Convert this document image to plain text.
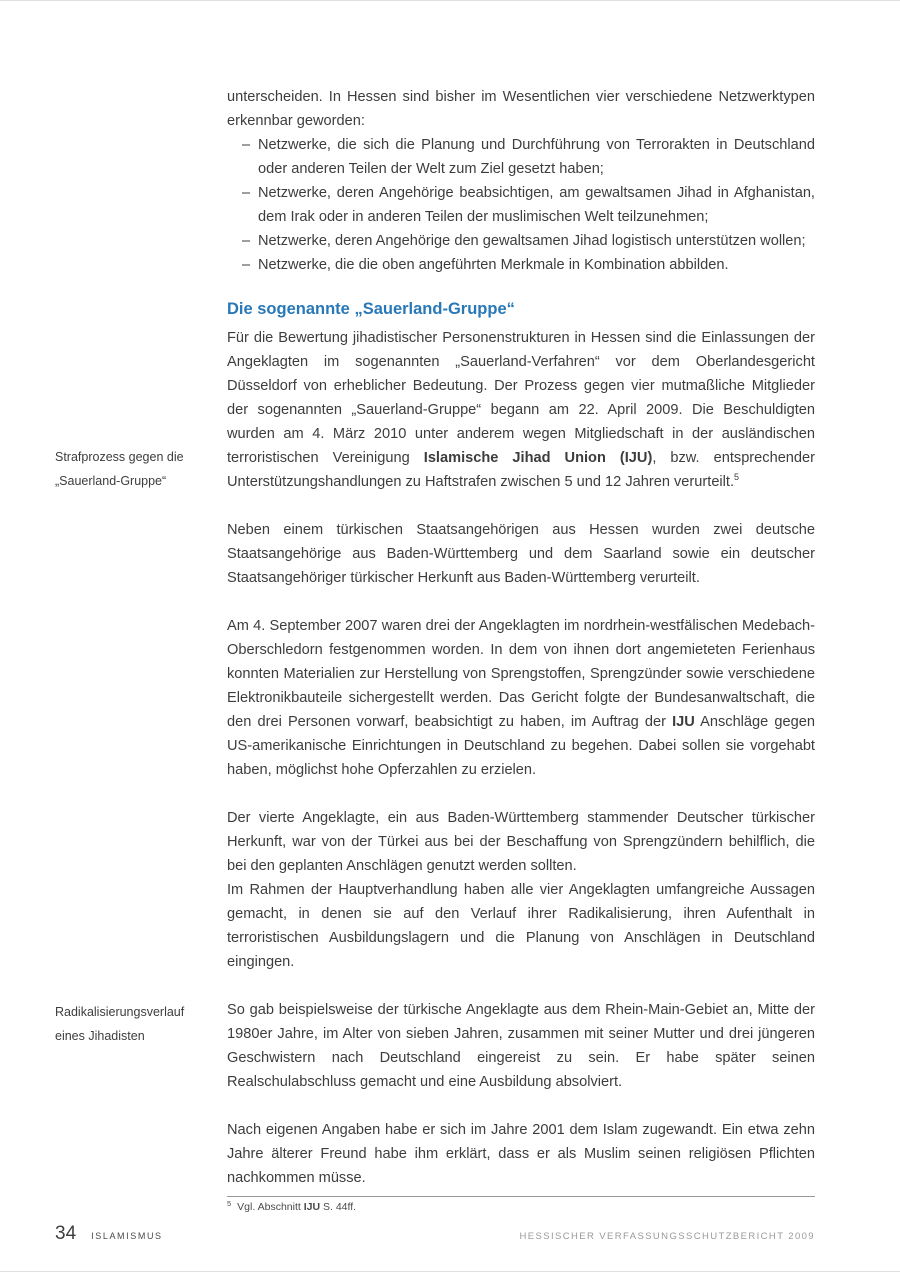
Strafprozess gegen die „Sauerland-Gruppe“
Radikalisierungsverlauf eines Jihadisten

unterscheiden. In Hessen sind bisher im Wesentlichen vier verschiedene Netzwerktypen erkennbar geworden:

– Netzwerke, die sich die Planung und Durchführung von Terrorakten in Deutschland oder anderen Teilen der Welt zum Ziel gesetzt haben;
– Netzwerke, deren Angehörige beabsichtigen, am gewaltsamen Jihad in Afghanistan, dem Irak oder in anderen Teilen der muslimischen Welt teilzunehmen;
– Netzwerke, deren Angehörige den gewaltsamen Jihad logistisch unterstützen wollen;
– Netzwerke, die die oben angeführten Merkmale in Kombination abbilden.
Die sogenannte „Sauerland-Gruppe“

Für die Bewertung jihadistischer Personenstrukturen in Hessen sind die Einlassungen der Angeklagten im sogenannten „Sauerland-Verfahren“ vor dem Oberlandesgericht Düsseldorf von erheblicher Bedeutung. Der Prozess gegen vier mutmaßliche Mitglieder der sogenannten „Sauerland-Gruppe“ begann am 22. April 2009. Die Beschuldigten wurden am 4. März 2010 unter anderem wegen Mitgliedschaft in der ausländischen terroristischen Vereinigung Islamische Jihad Union (IJU), bzw. entsprechender Unterstützungshandlungen zu Haftstrafen zwischen 5 und 12 Jahren verurteilt.$^5$

Neben einem türkischen Staatsangehörigen aus Hessen wurden zwei deutsche Staatsangehörige aus Baden-Württemberg und dem Saarland sowie ein deutscher Staatsangehöriger türkischer Herkunft aus Baden-Württemberg verurteilt.

Am 4. September 2007 waren drei der Angeklagten im nordrhein-westfälischen Medebach-Oberschledorn festgenommen worden. In dem von ihnen dort angemieteten Ferienhaus konnten Materialien zur Herstellung von Sprengstoffen, Sprengzünder sowie verschiedene Elektronikbauteile sichergestellt werden. Das Gericht folgte der Bundesanwaltschaft, die den drei Personen vorwarf, beabsichtigt zu haben, im Auftrag der IJU Anschläge gegen US-amerikanische Einrichtungen in Deutschland zu begehen. Dabei sollen sie vorgehabt haben, möglichst hohe Opferzahlen zu erzielen.

Der vierte Angeklagte, ein aus Baden-Württemberg stammender Deutscher türkischer Herkunft, war von der Türkei aus bei der Beschaffung von Sprengzündern behilflich, die bei den geplanten Anschlägen genutzt werden sollten.

Im Rahmen der Hauptverhandlung haben alle vier Angeklagten umfangreiche Aussagen gemacht, in denen sie auf den Verlauf ihrer Radikalisierung, ihren Aufenthalt in terroristischen Ausbildungslagern und die Planung von Anschlägen in Deutschland eingingen.

So gab beispielsweise der türkische Angeklagte aus dem Rhein-Main-Gebiet an, Mitte der 1980er Jahre, im Alter von sieben Jahren, zusammen mit seiner Mutter und drei jüngeren Geschwistern nach Deutschland eingereist zu sein. Er habe später seinen Realschulabschluss gemacht und eine Ausbildung absolviert.

Nach eigenen Angaben habe er sich im Jahre 2001 dem Islam zugewandt. Ein etwa zehn Jahre älterer Freund habe ihm erklärt, dass er als Muslim seinen religiösen Pflichten nachkommen müsse.

$^5$ Vgl. Abschnitt IJU S. 44ff.
34 ISLAMISMUS	HESSISCHER VERFASSUNGSSCHUTZBERICHT 2009
